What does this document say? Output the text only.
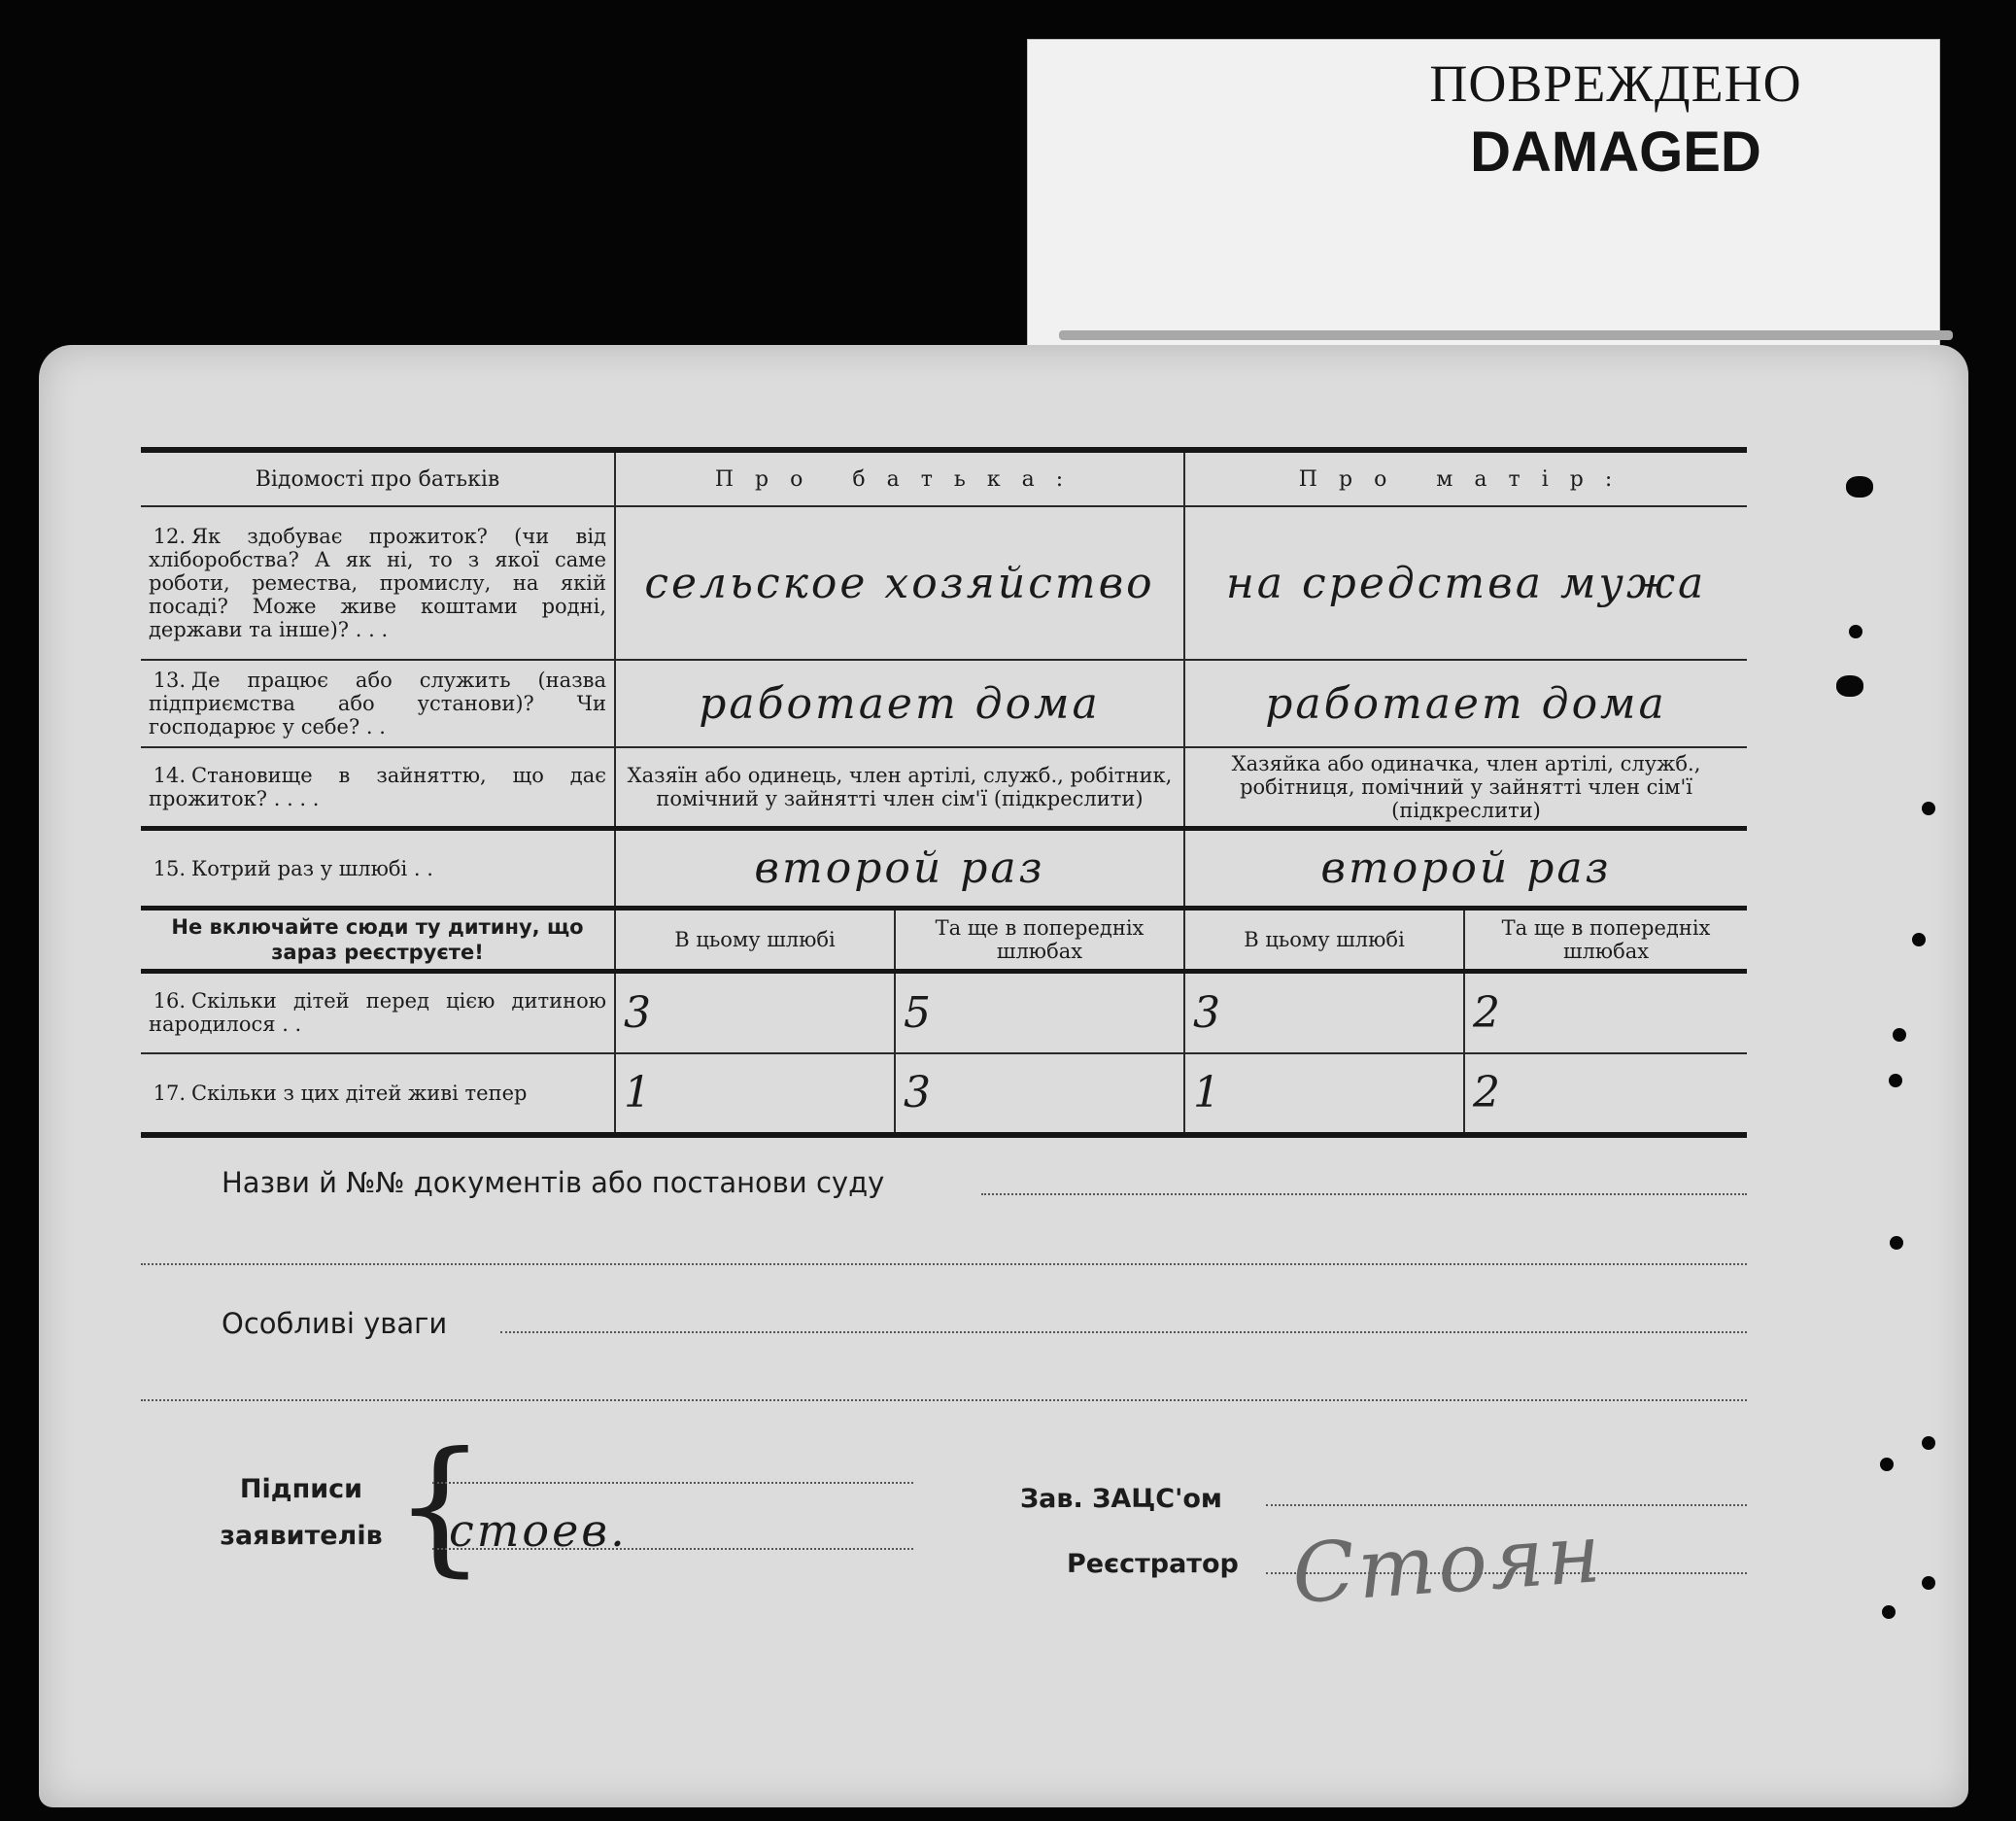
ПОВРЕЖДЕНО
DAMAGED
Відомості про батьків	Про батька:		Про матір:	
12. Як здобуває прожиток? (чи від хліборобства? А як ні, то з якої саме роботи, ремества, промислу, на якій посаді? Може живе коштами родні, держави та інше)? . . .	сельское хозяйство		на средства мужа	
13. Де працює або служить (назва підприємства або установи)? Чи господарює у себе? . .	работает дома		работает дома	
14. Становище в зайняттю, що дає прожиток? . . . .	Хазяїн або одинець, член артілі, служб., робітник, помічний у зайнятті член сім'ї (підкреслити)		Хазяйка або одиначка, член артілі, служб., робітниця, помічний у зайнятті член сім'ї (підкреслити)	
15. Котрий раз у шлюбі . .	второй раз		второй раз	
Не включайте сюди ту дитину, що зараз реєструєте!	В цьому шлюбі	Та ще в попередніх шлюбах	В цьому шлюбі	Та ще в попередніх шлюбах
16. Скільки дітей перед цією дитиною народилося . .	3	5	3	2
17. Скільки з цих дітей живі тепер	1	3	1	2
Назви й №№ документів або постанови суду
Особливі уваги
Підписи
заявителів {
стоев.
Зав. ЗАЦС'ом
Реєстратор Стоян
